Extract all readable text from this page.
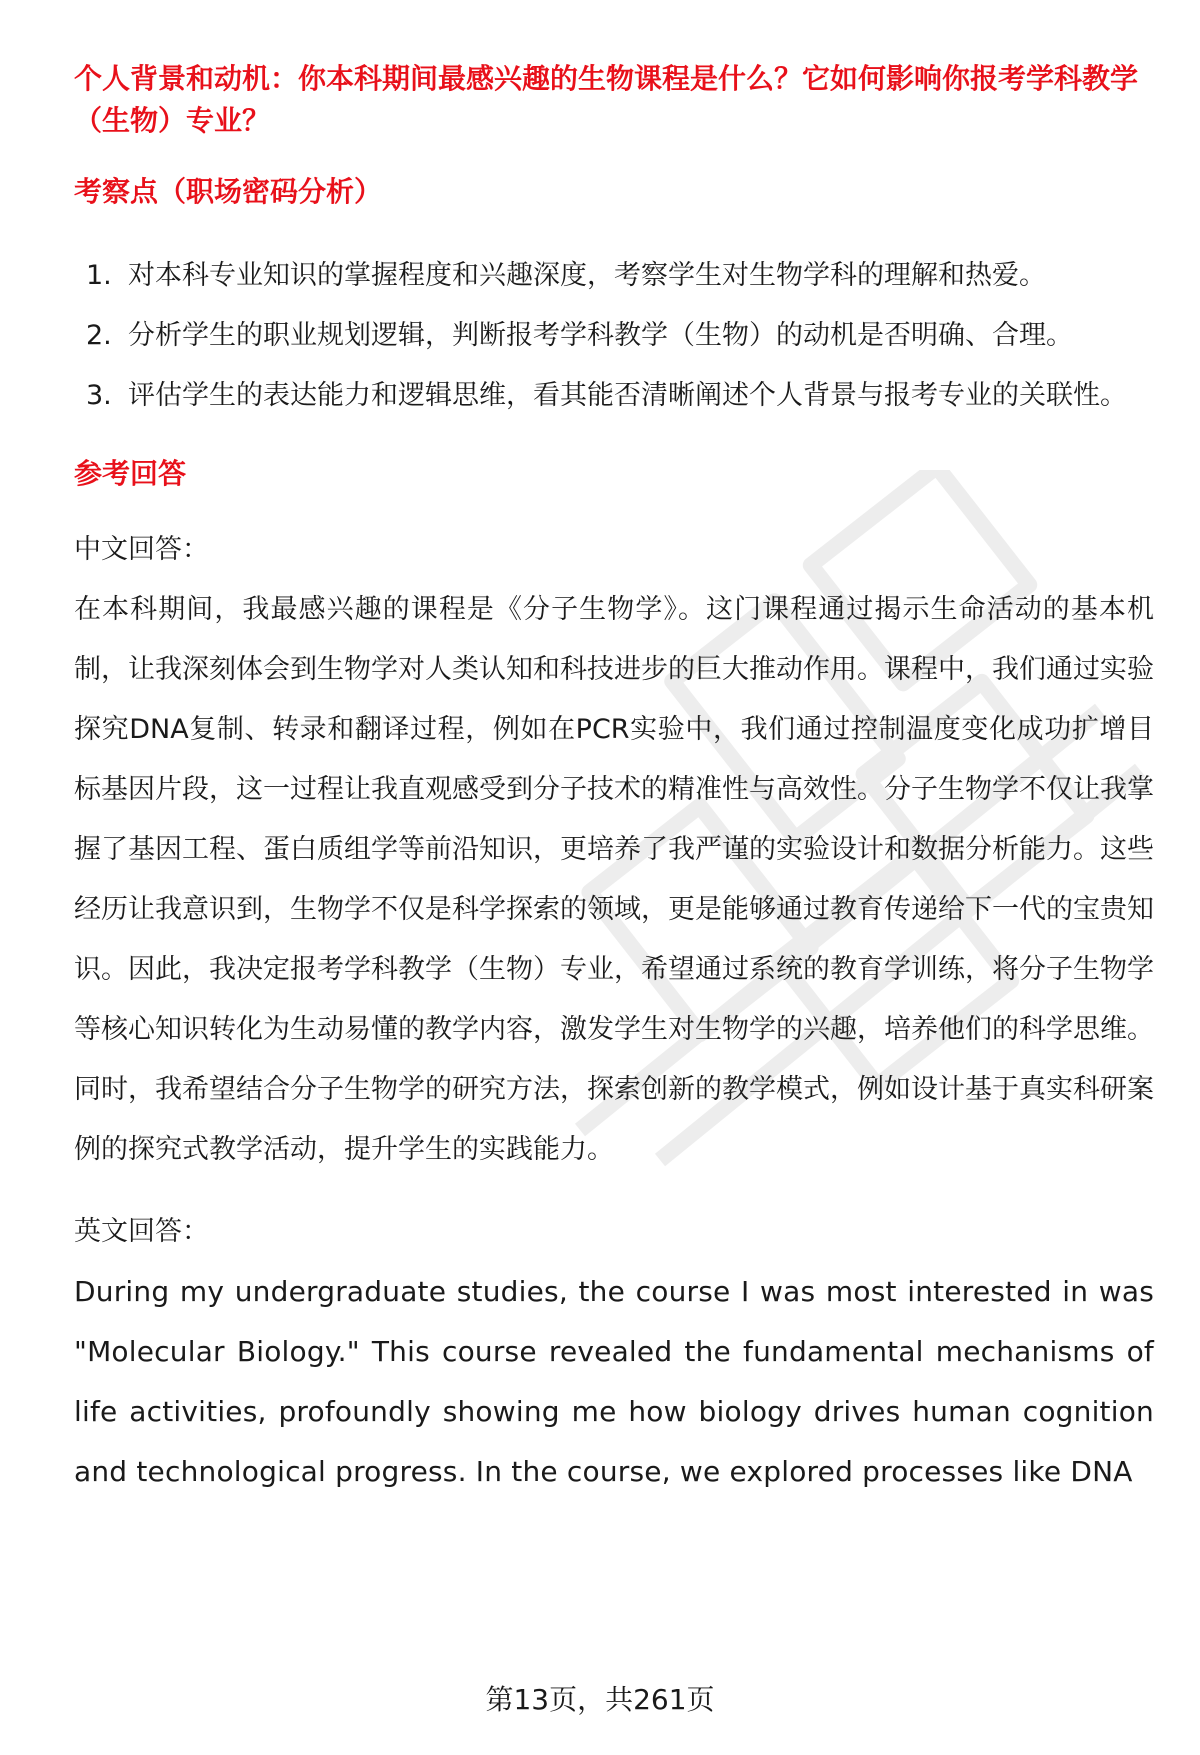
个人背景和动机：你本科期间最感兴趣的生物课程是什么？它如何影响你报考学科教学（生物）专业？
考察点（职场密码分析）
1. 对本科专业知识的掌握程度和兴趣深度，考察学生对生物学科的理解和热爱。
2. 分析学生的职业规划逻辑，判断报考学科教学（生物）的动机是否明确、合理。
3. 评估学生的表达能力和逻辑思维，看其能否清晰阐述个人背景与报考专业的关联性。
参考回答

中文回答：

在本科期间，我最感兴趣的课程是《分子生物学》。这门课程通过揭示生命活动的基本机制，让我深刻体会到生物学对人类认知和科技进步的巨大推动作用。课程中，我们通过实验探究DNA复制、转录和翻译过程，例如在PCR实验中，我们通过控制温度变化成功扩增目标基因片段，这一过程让我直观感受到分子技术的精准性与高效性。分子生物学不仅让我掌握了基因工程、蛋白质组学等前沿知识，更培养了我严谨的实验设计和数据分析能力。这些经历让我意识到，生物学不仅是科学探索的领域，更是能够通过教育传递给下一代的宝贵知识。因此，我决定报考学科教学（生物）专业，希望通过系统的教育学训练，将分子生物学等核心知识转化为生动易懂的教学内容，激发学生对生物学的兴趣，培养他们的科学思维。同时，我希望结合分子生物学的研究方法，探索创新的教学模式，例如设计基于真实科研案例的探究式教学活动，提升学生的实践能力。

英文回答：

During my undergraduate studies, the course I was most interested in was "Molecular Biology." This course revealed the fundamental mechanisms of life activities, profoundly showing me how biology drives human cognition and technological progress. In the course, we explored processes like DNA

第13页，共261页
